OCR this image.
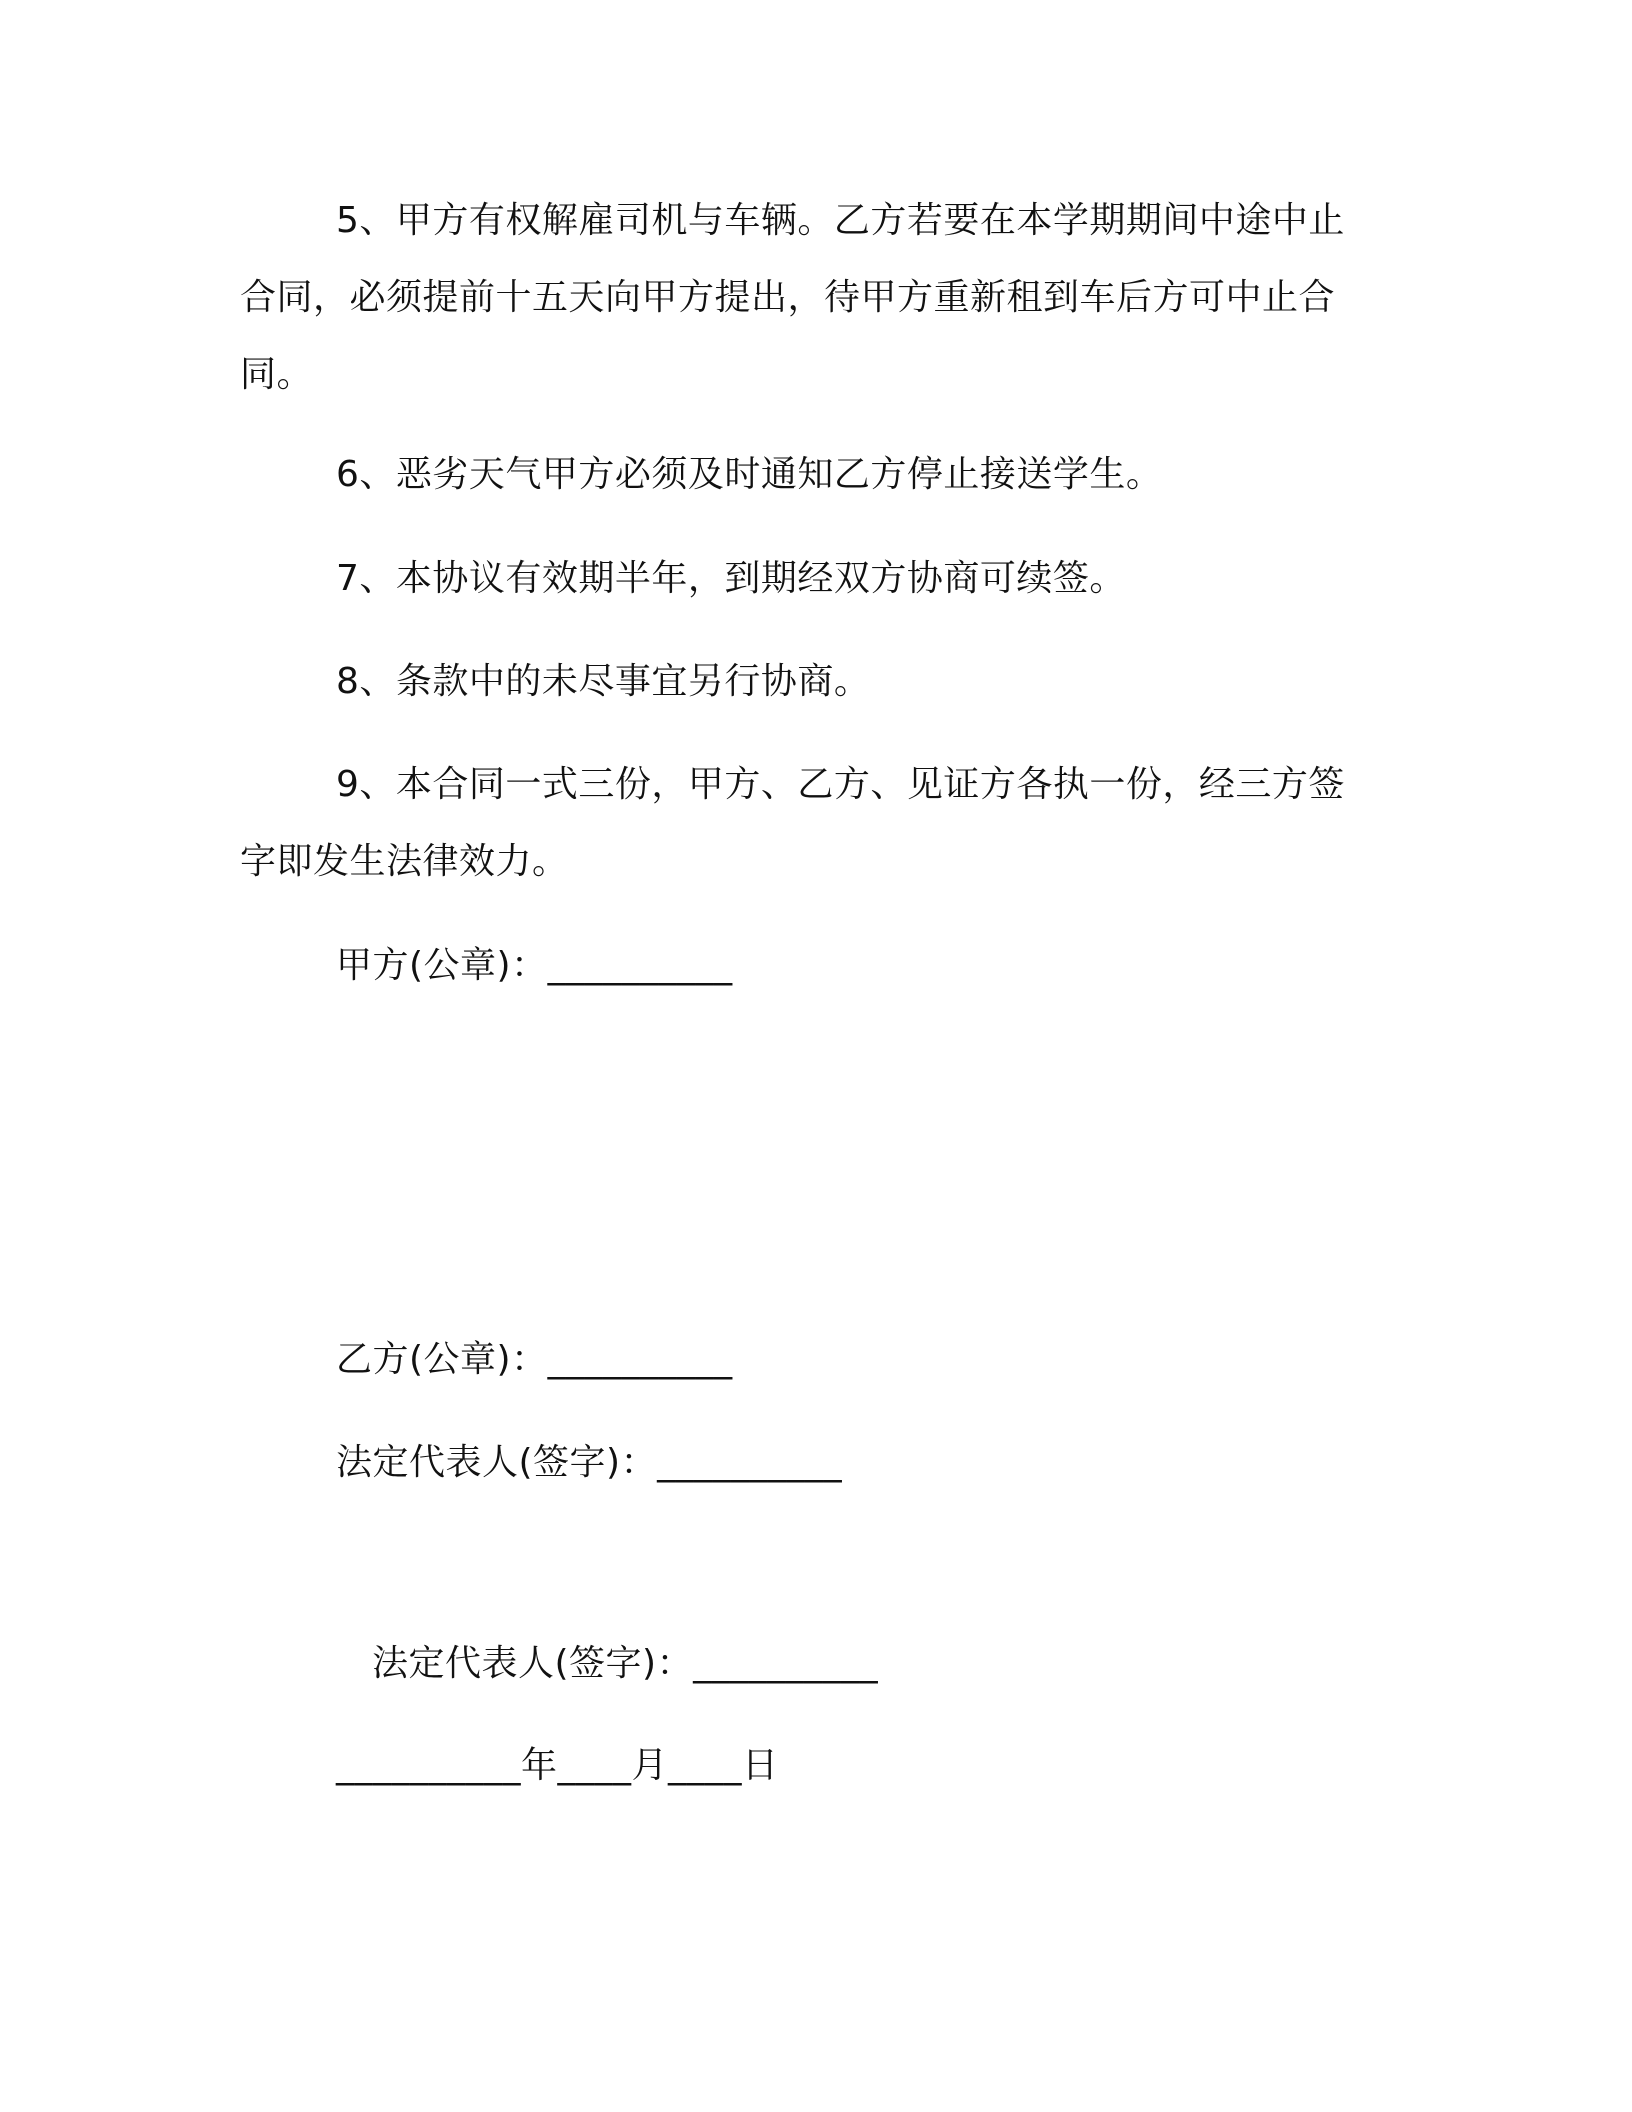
5、甲方有权解雇司机与车辆。乙方若要在本学期期间中途中止合同，必须提前十五天向甲方提出，待甲方重新租到车后方可中止合同。
6、恶劣天气甲方必须及时通知乙方停止接送学生。
7、本协议有效期半年，到期经双方协商可续签。
8、条款中的未尽事宜另行协商。
9、本合同一式三份，甲方、乙方、见证方各执一份，经三方签字即发生法律效力。
甲方(公章)：__________
乙方(公章)：__________
法定代表人(签字)：__________
法定代表人(签字)：__________
__________年____月____日
